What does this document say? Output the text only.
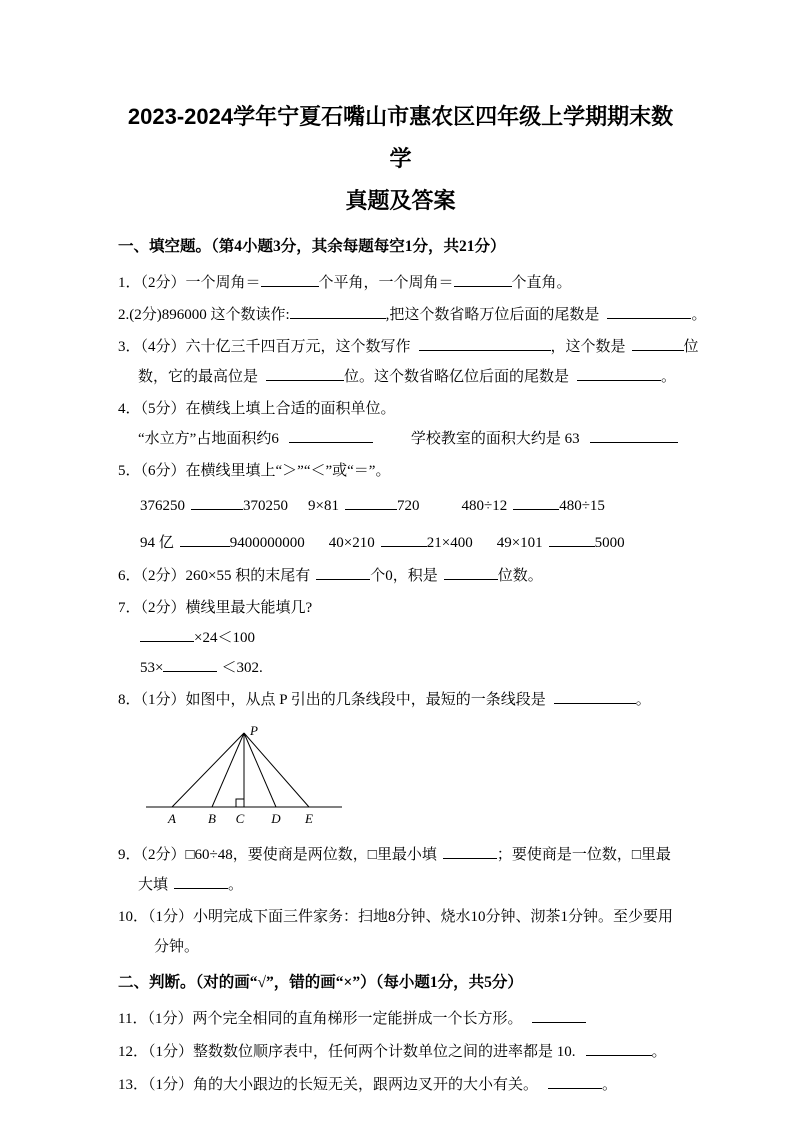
2023-2024学年宁夏石嘴山市惠农区四年级上学期期末数学
真题及答案
一、填空题。（第4小题3分，其余每题每空1分，共21分）
1．（2分）一个周角＝	个平角，一个周角＝	个直角。
2.(2分)896000 这个数读作:	,把这个数省略万位后面的尾数是	。
3．（4分）六十亿三千四百万元，这个数写作	，这个数是	位
数，它的最高位是	位。这个数省略亿位后面的尾数是	。
4．（5分）在横线上填上合适的面积单位。
“水立方”占地面积约6	学校教室的面积大约是 63
5．（6分）在横线里填上“＞”“＜”或“＝”。
376250	370250 9×81	720	480÷12	480÷15
94 亿	9400000000 40×210	21×400 49×101	5000
6．（2分）260×55 积的末尾有	个0，积是	位数。
7．（2分）横线里最大能填几?
×24＜100
53×	＜302.
8．（1分）如图中，从点 P 引出的几条线段中，最短的一条线段是	。
P
A B C D E
9．（2分）□60÷48，要使商是两位数，□里最小填	；要使商是一位数，□里最
大填	。
10．（1分）小明完成下面三件家务：扫地8分钟、烧水10分钟、沏茶1分钟。至少要用
分钟。
二、判断。（对的画“√”，错的画“×”）（每小题1分，共5分）
11．（1分）两个完全相同的直角梯形一定能拼成一个长方形。
12．（1分）整数数位顺序表中，任何两个计数单位之间的进率都是 10.	。
13．（1分）角的大小跟边的长短无关，跟两边叉开的大小有关。	。
